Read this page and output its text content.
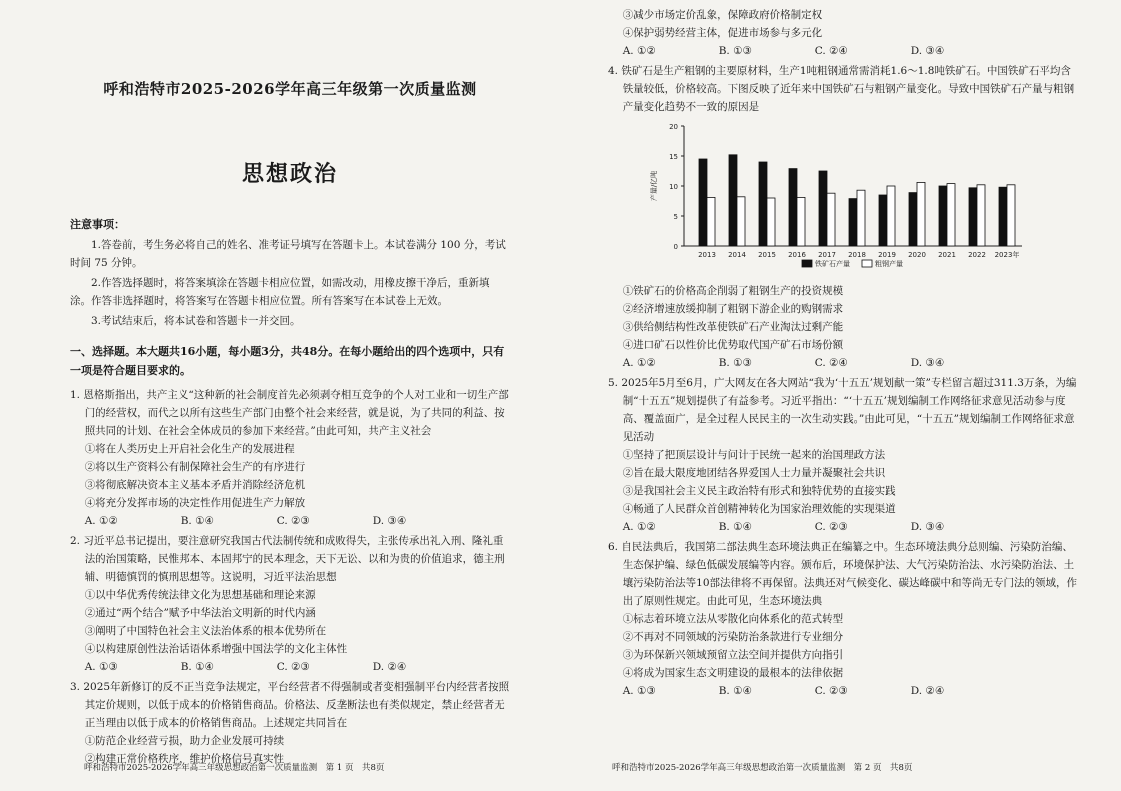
呼和浩特市2025-2026学年高三年级第一次质量监测
思想政治
注意事项：

1.答卷前，考生务必将自己的姓名、准考证号填写在答题卡上。本试卷满分 100 分，考试时间 75 分钟。

2.作答选择题时，将答案填涂在答题卡相应位置，如需改动，用橡皮擦干净后，重新填涂。作答非选择题时，将答案写在答题卡相应位置。所有答案写在本试卷上无效。

3.考试结束后，将本试卷和答题卡一并交回。

一、选择题。本大题共16小题，每小题3分，共48分。在每小题给出的四个选项中，只有一项是符合题目要求的。

1. 恩格斯指出，共产主义“这种新的社会制度首先必须剥夺相互竞争的个人对工业和一切生产部门的经营权，而代之以所有这些生产部门由整个社会来经营，就是说，为了共同的利益、按照共同的计划、在社会全体成员的参加下来经营。”由此可知，共产主义社会

①将在人类历史上开启社会化生产的发展进程

②将以生产资料公有制保障社会生产的有序进行

③将彻底解决资本主义基本矛盾并消除经济危机

④将充分发挥市场的决定性作用促进生产力解放

A. ①②	B. ①④	C. ②③	D. ③④

2. 习近平总书记提出，要注意研究我国古代法制传统和成败得失，主张传承出礼入刑、隆礼重法的治国策略，民惟邦本、本固邦宁的民本理念，天下无讼、以和为贵的价值追求，德主刑辅、明德慎罚的慎刑思想等。这说明，习近平法治思想

①以中华优秀传统法律文化为思想基础和理论来源

②通过“两个结合”赋予中华法治文明新的时代内涵

③阐明了中国特色社会主义法治体系的根本优势所在

④以构建原创性法治话语体系增强中国法学的文化主体性

A. ①③	B. ①④	C. ②③	D. ②④

3. 2025年新修订的反不正当竞争法规定，平台经营者不得强制或者变相强制平台内经营者按照其定价规则，以低于成本的价格销售商品。价格法、反垄断法也有类似规定，禁止经营者无正当理由以低于成本的价格销售商品。上述规定共同旨在

①防范企业经营亏损，助力企业发展可持续

②构建正常价格秩序，维护价格信号真实性

呼和浩特市2025-2026学年高三年级思想政治第一次质量监测　第 1 页　共8页

③减少市场定价乱象，保障政府价格制定权

④保护弱势经营主体，促进市场参与多元化

A. ①②	B. ①③	C. ②④	D. ③④

4. 铁矿石是生产粗钢的主要原材料，生产1吨粗钢通常需消耗1.6～1.8吨铁矿石。中国铁矿石平均含铁量较低，价格较高。下图反映了近年来中国铁矿石与粗钢产量变化。导致中国铁矿石产量与粗钢产量变化趋势不一致的原因是

0
5
10
15
20
产量/亿吨
2013 2014 2015 2016 2017 2018 2019 2020 2021 2022 2023年
铁矿石产量	粗钢产量

①铁矿石的价格高企削弱了粗钢生产的投资规模

②经济增速放缓抑制了粗钢下游企业的购钢需求

③供给侧结构性改革使铁矿石产业淘汰过剩产能

④进口矿石以性价比优势取代国产矿石市场份额

A. ①②	B. ①③	C. ②④	D. ③④

5. 2025年5月至6月，广大网友在各大网站“我为‘十五五’规划献一策”专栏留言超过311.3万条，为编制“十五五”规划提供了有益参考。习近平指出：“‘十五五’规划编制工作网络征求意见活动参与度高、覆盖面广，是全过程人民民主的一次生动实践。”由此可见，“十五五”规划编制工作网络征求意见活动

①坚持了把顶层设计与问计于民统一起来的治国理政方法

②旨在最大限度地团结各界爱国人士力量并凝聚社会共识

③是我国社会主义民主政治特有形式和独特优势的直接实践

④畅通了人民群众首创精神转化为国家治理效能的实现渠道

A. ①②	B. ①④	C. ②③	D. ③④

6. 自民法典后，我国第二部法典生态环境法典正在编纂之中。生态环境法典分总则编、污染防治编、生态保护编、绿色低碳发展编等内容。颁布后，环境保护法、大气污染防治法、水污染防治法、土壤污染防治法等10部法律将不再保留。法典还对气候变化、碳达峰碳中和等尚无专门法的领域，作出了原则性规定。由此可见，生态环境法典

①标志着环境立法从零散化向体系化的范式转型

②不再对不同领域的污染防治条款进行专业细分

③为环保新兴领域预留立法空间并提供方向指引

④将成为国家生态文明建设的最根本的法律依据

A. ①③	B. ①④	C. ②③	D. ②④
呼和浩特市2025-2026学年高三年级思想政治第一次质量监测　第 2 页　共8页
